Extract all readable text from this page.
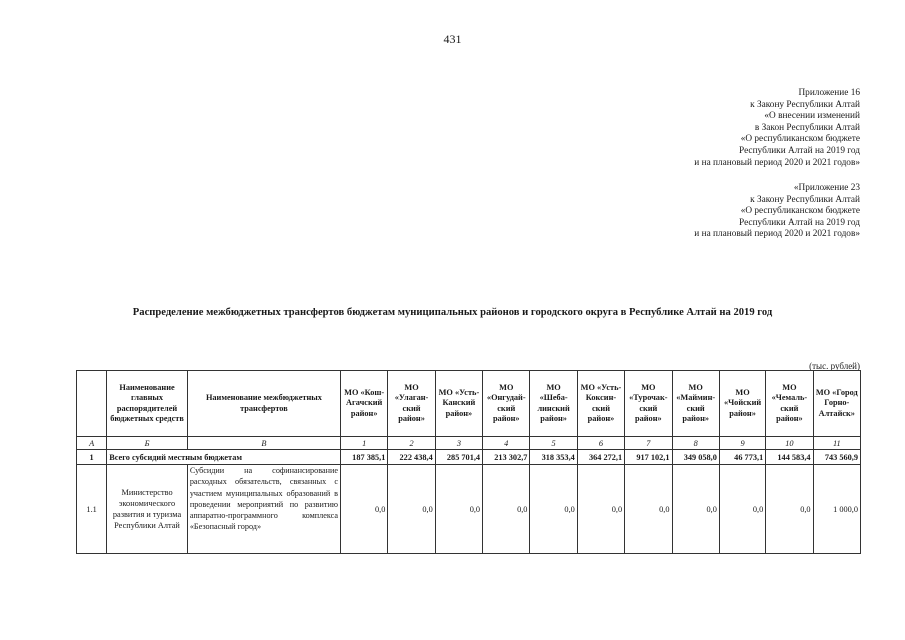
431
Приложение 16
к Закону Республики Алтай
«О внесении изменений
в Закон Республики Алтай
«О республиканском бюджете
Республики Алтай на 2019 год
и на плановый период 2020 и 2021 годов»
«Приложение 23
к Закону Республики Алтай
«О республиканском бюджете
Республики Алтай на 2019 год
и на плановый период 2020 и 2021 годов»
Распределение межбюджетных трансфертов бюджетам муниципальных районов и городского округа в Республике Алтай на 2019 год
(тыс. рублей)
	Наименование главных распорядителей бюджетных средств	Наименование межбюджетных трансфертов	МО «Кош-Агачский район»	МО «Улаган-ский район»	МО «Усть-Канский район»	МО «Онгудай-ский район»	МО «Шеба-линский район»	МО «Усть-Коксин-ский район»	МО «Турочак-ский район»	МО «Маймин-ский район»	МО «Чойский район»	МО «Чемаль-ский район»	МО «Город Горно-Алтайск»
А	Б	В	1	2	3	4	5	6	7	8	9	10	11
1	Всего субсидий местным бюджетам		187 385,1	222 438,4	285 701,4	213 302,7	318 353,4	364 272,1	917 102,1	349 058,0	46 773,1	144 583,4	743 560,9
1.1	Министерство экономического развития и туризма Республики Алтай	Субсидии на софинансирование расходных обязательств, связанных с участием муниципальных образований в проведении мероприятий по развитию аппаратно-программного комплекса «Безопасный город»	0,0	0,0	0,0	0,0	0,0	0,0	0,0	0,0	0,0	0,0	1 000,0
